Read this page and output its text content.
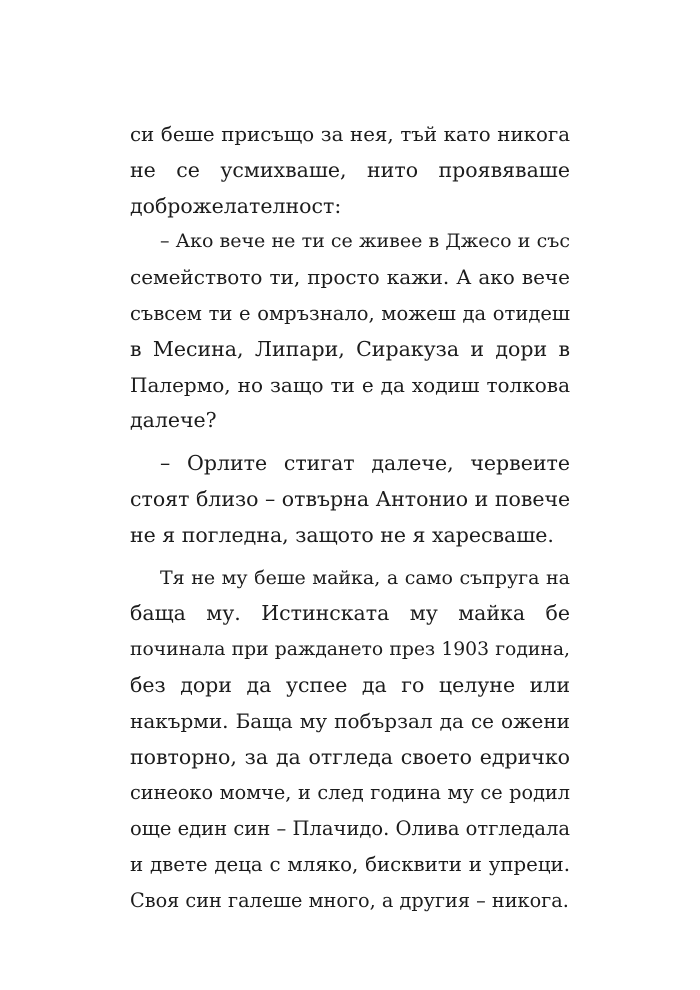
си беше присъщо за нея, тъй като никога
не се усмихваше, нито проявяваше
доброжелателност:
– Ако вече не ти се живее в Джесо и със
семейството ти, просто кажи. А ако вече
съвсем ти е омръзнало, можеш да отидеш
в Месина, Липари, Сиракуза и дори в
Палермо, но защо ти е да ходиш толкова
далече?
– Орлите стигат далече, червеите
стоят близо – отвърна Антонио и повече
не я погледна, защото не я харесваше.
Тя не му беше майка, а само съпруга на
баща му. Истинската му майка бе
починала при раждането през 1903 година,
без дори да успее да го целуне или
накърми. Баща му побързал да се ожени
повторно, за да отгледа своето едричко
синеоко момче, и след година му се родил
още един син – Плачидо. Олива отгледала
и двете деца с мляко, бисквити и упреци.
Своя син галеше много, а другия – никога.
